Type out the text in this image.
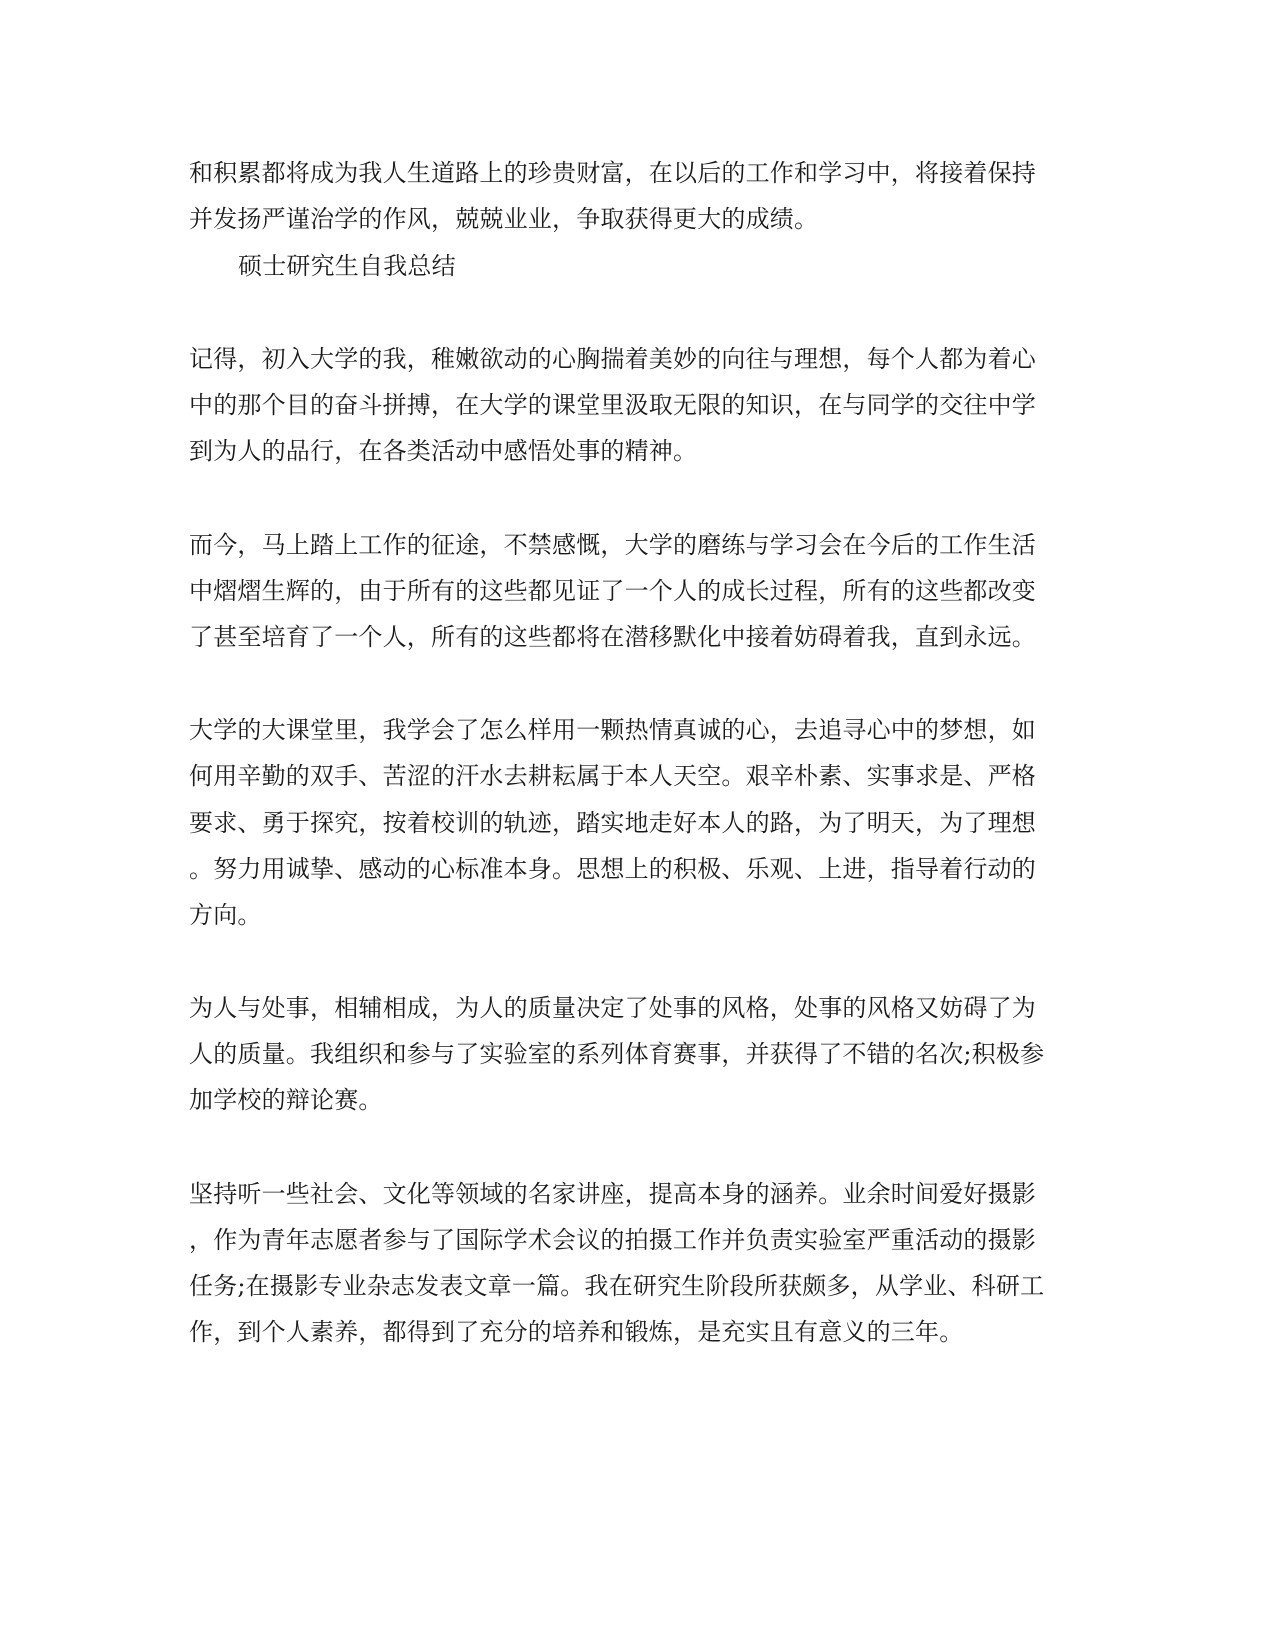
和积累都将成为我人生道路上的珍贵财富，在以后的工作和学习中，将接着保持

并发扬严谨治学的作风，兢兢业业，争取获得更大的成绩。

硕士研究生自我总结

记得，初入大学的我，稚嫩欲动的心胸揣着美妙的向往与理想，每个人都为着心

中的那个目的奋斗拼搏，在大学的课堂里汲取无限的知识，在与同学的交往中学

到为人的品行，在各类活动中感悟处事的精神。

而今，马上踏上工作的征途，不禁感慨，大学的磨练与学习会在今后的工作生活

中熠熠生辉的，由于所有的这些都见证了一个人的成长过程，所有的这些都改变

了甚至培育了一个人，所有的这些都将在潜移默化中接着妨碍着我，直到永远。

大学的大课堂里，我学会了怎么样用一颗热情真诚的心，去追寻心中的梦想，如

何用辛勤的双手、苦涩的汗水去耕耘属于本人天空。艰辛朴素、实事求是、严格

要求、勇于探究，按着校训的轨迹，踏实地走好本人的路，为了明天，为了理想

。努力用诚挚、感动的心标准本身。思想上的积极、乐观、上进，指导着行动的

方向。

为人与处事，相辅相成，为人的质量决定了处事的风格，处事的风格又妨碍了为

人的质量。我组织和参与了实验室的系列体育赛事，并获得了不错的名次;积极参

加学校的辩论赛。

坚持听一些社会、文化等领域的名家讲座，提高本身的涵养。业余时间爱好摄影

，作为青年志愿者参与了国际学术会议的拍摄工作并负责实验室严重活动的摄影

任务;在摄影专业杂志发表文章一篇。我在研究生阶段所获颇多，从学业、科研工

作，到个人素养，都得到了充分的培养和锻炼，是充实且有意义的三年。
